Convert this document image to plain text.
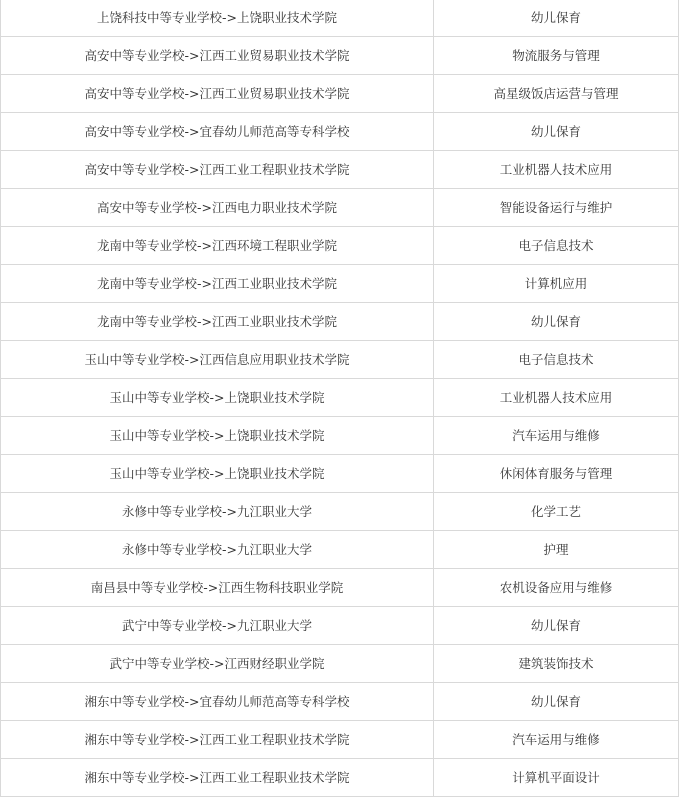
上饶科技中等专业学校->上饶职业技术学院	幼儿保育
高安中等专业学校->江西工业贸易职业技术学院	物流服务与管理
高安中等专业学校->江西工业贸易职业技术学院	高星级饭店运营与管理
高安中等专业学校->宜春幼儿师范高等专科学校	幼儿保育
高安中等专业学校->江西工业工程职业技术学院	工业机器人技术应用
高安中等专业学校->江西电力职业技术学院	智能设备运行与维护
龙南中等专业学校->江西环境工程职业学院	电子信息技术
龙南中等专业学校->江西工业职业技术学院	计算机应用
龙南中等专业学校->江西工业职业技术学院	幼儿保育
玉山中等专业学校->江西信息应用职业技术学院	电子信息技术
玉山中等专业学校->上饶职业技术学院	工业机器人技术应用
玉山中等专业学校->上饶职业技术学院	汽车运用与维修
玉山中等专业学校->上饶职业技术学院	休闲体育服务与管理
永修中等专业学校->九江职业大学	化学工艺
永修中等专业学校->九江职业大学	护理
南昌县中等专业学校->江西生物科技职业学院	农机设备应用与维修
武宁中等专业学校->九江职业大学	幼儿保育
武宁中等专业学校->江西财经职业学院	建筑装饰技术
湘东中等专业学校->宜春幼儿师范高等专科学校	幼儿保育
湘东中等专业学校->江西工业工程职业技术学院	汽车运用与维修
湘东中等专业学校->江西工业工程职业技术学院	计算机平面设计
